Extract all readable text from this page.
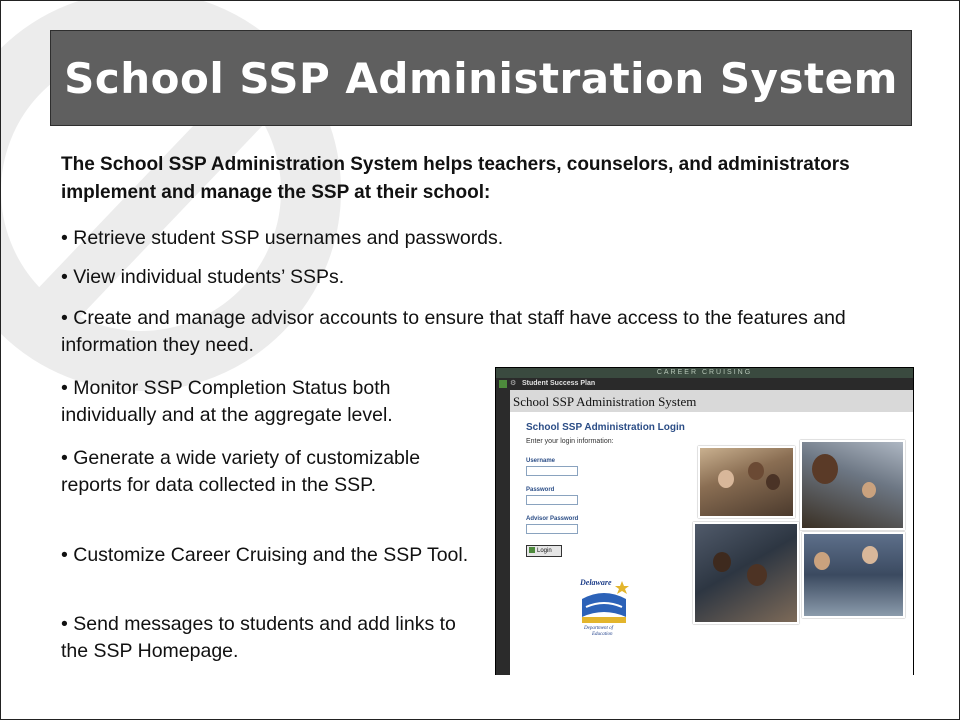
School SSP Administration System
The School SSP Administration System helps teachers, counselors, and administrators implement and manage the SSP at their school:

• Retrieve student SSP usernames and passwords.

• View individual students’ SSPs.

• Create and manage advisor accounts to ensure that staff have access to the features and information they need.

• Monitor SSP Completion Status both individually and at the aggregate level.

• Generate a wide variety of customizable reports for data collected in the SSP.

• Customize Career Cruising and the SSP Tool.

• Send messages to students and add links to the SSP Homepage.

CAREER CRUISING
⚙ Student Success Plan
School SSP Administration System
School SSP Administration Login
Enter your login information:
Username
Password
Advisor Password
Login
Delaware
Department of
Education
